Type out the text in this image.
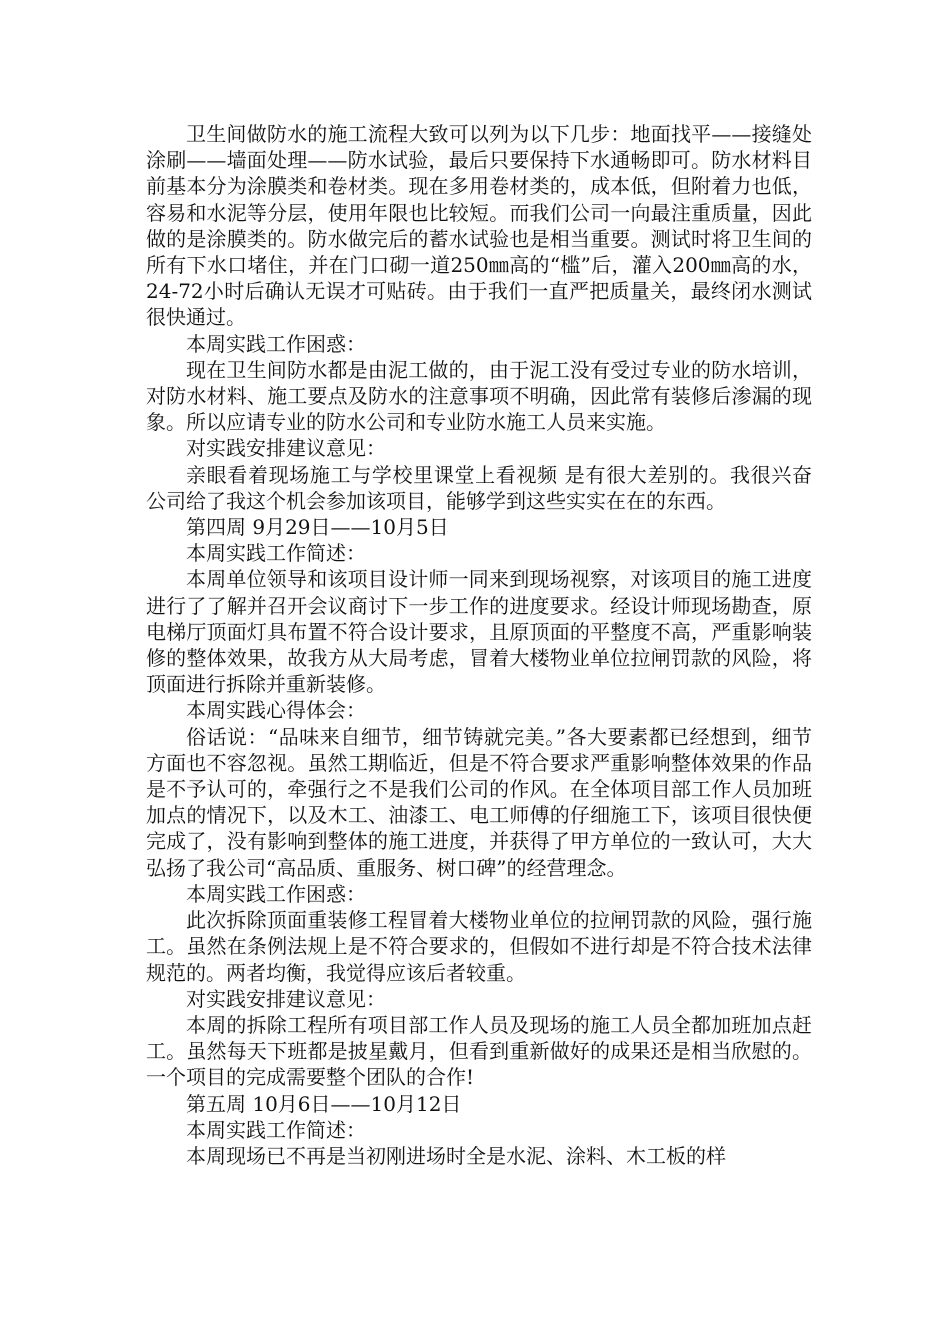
卫生间做防水的施工流程大致可以列为以下几步：地面找平——接缝处涂刷——墙面处理——防水试验，最后只要保持下水通畅即可。防水材料目前基本分为涂膜类和卷材类。现在多用卷材类的，成本低，但附着力也低，容易和水泥等分层，使用年限也比较短。而我们公司一向最注重质量，因此做的是涂膜类的。防水做完后的蓄水试验也是相当重要。测试时将卫生间的所有下水口堵住，并在门口砌一道250㎜高的“槛”后，灌入200㎜高的水，24-72小时后确认无误才可贴砖。由于我们一直严把质量关，最终闭水测试很快通过。

本周实践工作困惑：

现在卫生间防水都是由泥工做的，由于泥工没有受过专业的防水培训，对防水材料、施工要点及防水的注意事项不明确，因此常有装修后渗漏的现象。所以应请专业的防水公司和专业防水施工人员来实施。

对实践安排建议意见：

亲眼看着现场施工与学校里课堂上看视频 是有很大差别的。我很兴奋公司给了我这个机会参加该项目，能够学到这些实实在在的东西。

第四周 9月29日——10月5日

本周实践工作简述：

本周单位领导和该项目设计师一同来到现场视察，对该项目的施工进度进行了了解并召开会议商讨下一步工作的进度要求。经设计师现场勘查，原电梯厅顶面灯具布置不符合设计要求，且原顶面的平整度不高，严重影响装修的整体效果，故我方从大局考虑，冒着大楼物业单位拉闸罚款的风险，将顶面进行拆除并重新装修。

本周实践心得体会：

俗话说：“品味来自细节，细节铸就完美。”各大要素都已经想到，细节方面也不容忽视。虽然工期临近，但是不符合要求严重影响整体效果的作品是不予认可的，牵强行之不是我们公司的作风。在全体项目部工作人员加班加点的情况下，以及木工、油漆工、电工师傅的仔细施工下，该项目很快便完成了，没有影响到整体的施工进度，并获得了甲方单位的一致认可，大大弘扬了我公司“高品质、重服务、树口碑”的经营理念。

本周实践工作困惑：

此次拆除顶面重装修工程冒着大楼物业单位的拉闸罚款的风险，强行施工。虽然在条例法规上是不符合要求的，但假如不进行却是不符合技术法律规范的。两者均衡，我觉得应该后者较重。

对实践安排建议意见：

本周的拆除工程所有项目部工作人员及现场的施工人员全都加班加点赶工。虽然每天下班都是披星戴月，但看到重新做好的成果还是相当欣慰的。一个项目的完成需要整个团队的合作!

第五周 10月6日——10月12日

本周实践工作简述：

本周现场已不再是当初刚进场时全是水泥、涂料、木工板的样
